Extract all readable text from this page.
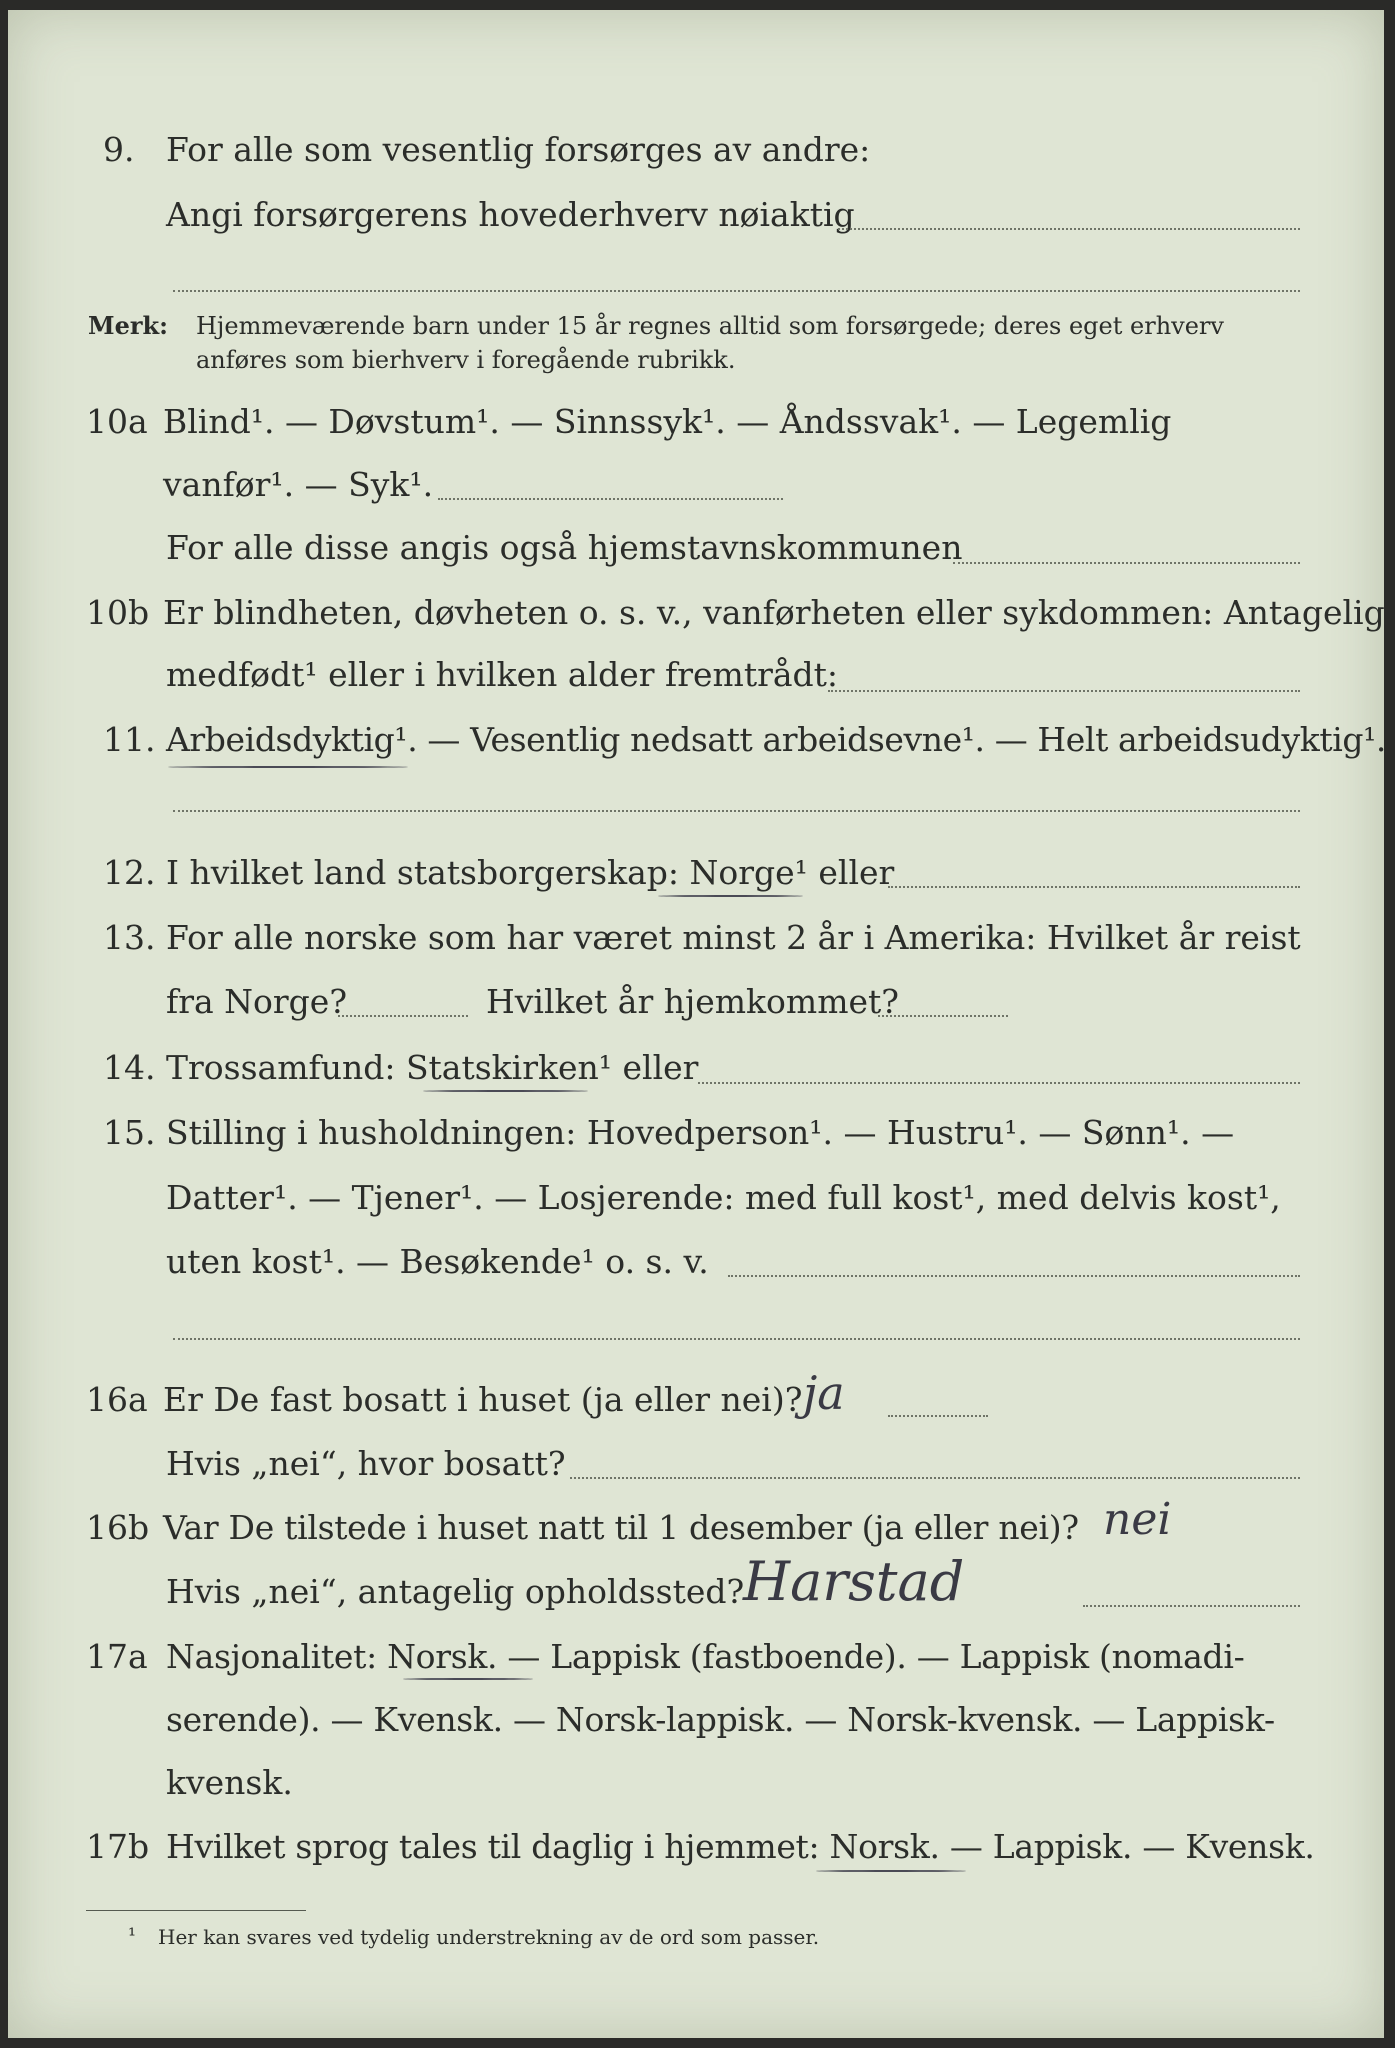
9. For alle som vesentlig forsørges av andre:
Angi forsørgerens hovederhverv nøiaktig
Merk: Hjemmeværende barn under 15 år regnes alltid som forsørgede; deres eget erhverv
anføres som bierhverv i foregående rubrikk.
10a Blind¹. — Døvstum¹. — Sinnssyk¹. — Åndssvak¹. — Legemlig
vanfør¹. — Syk¹.
For alle disse angis også hjemstavnskommunen
10b Er blindheten, døvheten o. s. v., vanførheten eller sykdommen: Antagelig
medfødt¹ eller i hvilken alder fremtrådt:
11. Arbeidsdyktig¹. — Vesentlig nedsatt arbeidsevne¹. — Helt arbeidsudyktig¹.
12. I hvilket land statsborgerskap: Norge¹ eller
13. For alle norske som har været minst 2 år i Amerika: Hvilket år reist
fra Norge?	Hvilket år hjemkommet?
14. Trossamfund: Statskirken¹ eller
15. Stilling i husholdningen: Hovedperson¹. — Hustru¹. — Sønn¹. —
Datter¹. — Tjener¹. — Losjerende: med full kost¹, med delvis kost¹,
uten kost¹. — Besøkende¹ o. s. v.
16a Er De fast bosatt i huset (ja eller nei)? ja
Hvis „nei“, hvor bosatt?
16b Var De tilstede i huset natt til 1 desember (ja eller nei)? nei
Hvis „nei“, antagelig opholdssted?
Harstad
17a Nasjonalitet: Norsk. — Lappisk (fastboende). — Lappisk (nomadi-
serende). — Kvensk. — Norsk-lappisk. — Norsk-kvensk. — Lappisk-
kvensk.
17b Hvilket sprog tales til daglig i hjemmet: Norsk. — Lappisk. — Kvensk.
¹ Her kan svares ved tydelig understrekning av de ord som passer.
